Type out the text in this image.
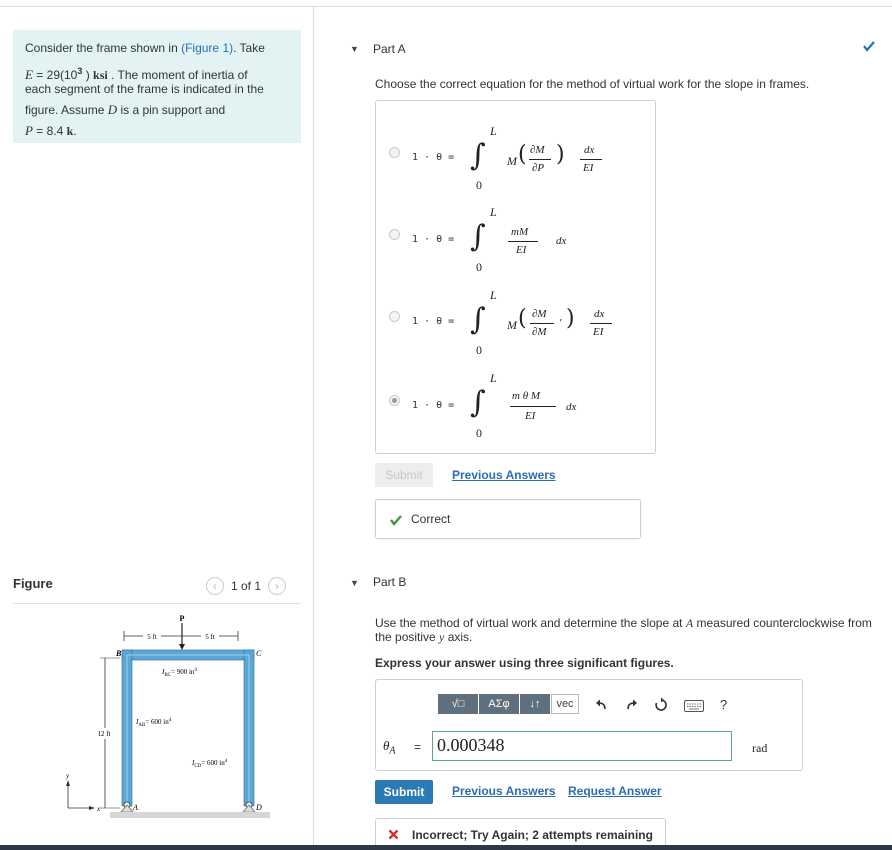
Consider the frame shown in (Figure 1). Take

$E = 29(10^3$ ) ksi . The moment of inertia of

each segment of the frame is indicated in the

figure. Assume D is a pin support and

P = 8.4 k.

Figure	‹	1 of 1	›
5 ft	5 ft
P
B	C
A	D
$I_{BC}= 900$ $in^4$
$I_{AB}= 600$ $in^4$
$I_{CD}= 600$ $in^4$
12 ft
y
x
▼ Part A
Choose the correct equation for the method of virtual work for the slope in frames.
1 · θ =
L
∫
0
M ( ∂M
∂P
) dx
EI
1 · θ =
L
∫
0
mM
EI
dx
1 · θ =
L
∫
0
M ( ∂M
∂M
′ ) dx
EI
1 · θ =
L
∫
0
m θ M
EI
dx
Submit	Previous Answers
Correct
▼ Part B
Use the method of virtual work and determine the slope at A measured counterclockwise from
the positive y axis.
Express your answer using three significant figures.
√□	ΑΣφ	↓↑	vec	?
$\theta_A = 0.000348$	rad
Submit	Previous Answers Request Answer
Incorrect; Try Again; 2 attempts remaining
